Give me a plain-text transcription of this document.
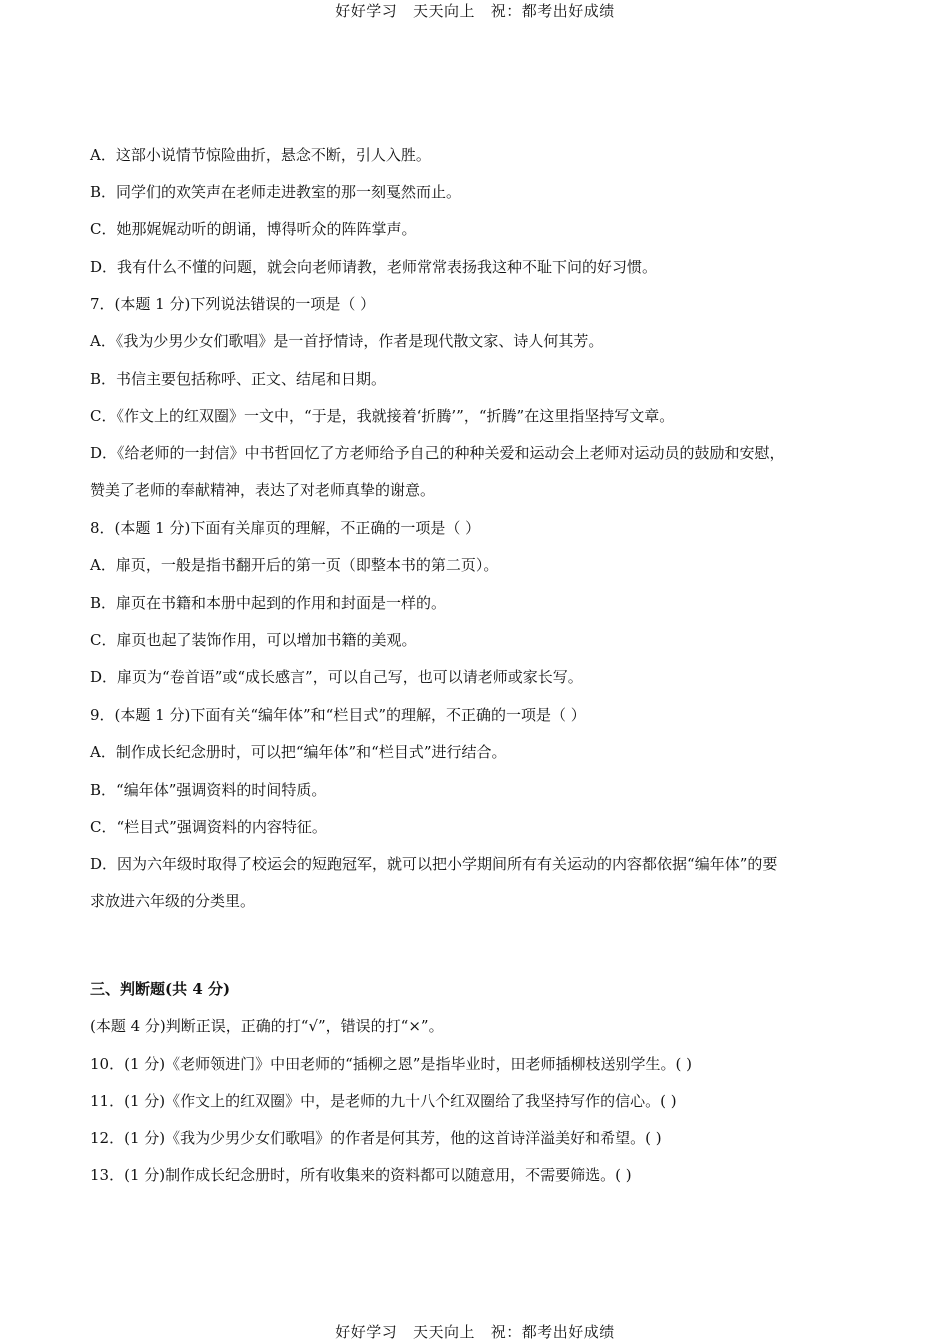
好好学习   天天向上   祝：都考出好成绩
A．这部小说情节惊险曲折，悬念不断，引人入胜。
B．同学们的欢笑声在老师走进教室的那一刻戛然而止。
C．她那娓娓动听的朗诵，博得听众的阵阵掌声。
D．我有什么不懂的问题，就会向老师请教，老师常常表扬我这种不耻下问的好习惯。
7．(本题 1 分)下列说法错误的一项是（ ）
A．《我为少男少女们歌唱》是一首抒情诗，作者是现代散文家、诗人何其芳。
B．书信主要包括称呼、正文、结尾和日期。
C．《作文上的红双圈》一文中，“于是，我就接着‘折腾’”，“折腾”在这里指坚持写文章。
D．《给老师的一封信》中书哲回忆了方老师给予自己的种种关爱和运动会上老师对运动员的鼓励和安慰，
赞美了老师的奉献精神，表达了对老师真挚的谢意。
8．(本题 1 分)下面有关扉页的理解，不正确的一项是（ ）
A．扉页，一般是指书翻开后的第一页（即整本书的第二页）。
B．扉页在书籍和本册中起到的作用和封面是一样的。
C．扉页也起了装饰作用，可以增加书籍的美观。
D．扉页为“卷首语”或“成长感言”，可以自己写，也可以请老师或家长写。
9．(本题 1 分)下面有关“编年体”和“栏目式”的理解，不正确的一项是（ ）
A．制作成长纪念册时，可以把“编年体”和“栏目式”进行结合。
B．“编年体”强调资料的时间特质。
C．“栏目式”强调资料的内容特征。
D．因为六年级时取得了校运会的短跑冠军，就可以把小学期间所有有关运动的内容都依据“编年体”的要
求放进六年级的分类里。
三、判断题(共 4 分)
(本题 4 分)判断正误，正确的打“√”，错误的打“×”。
10．(1 分)《老师领进门》中田老师的“插柳之恩”是指毕业时，田老师插柳枝送别学生。( )
11．(1 分)《作文上的红双圈》中，是老师的九十八个红双圈给了我坚持写作的信心。( )
12．(1 分)《我为少男少女们歌唱》的作者是何其芳，他的这首诗洋溢美好和希望。( )
13．(1 分)制作成长纪念册时，所有收集来的资料都可以随意用，不需要筛选。( )
好好学习   天天向上   祝：都考出好成绩
